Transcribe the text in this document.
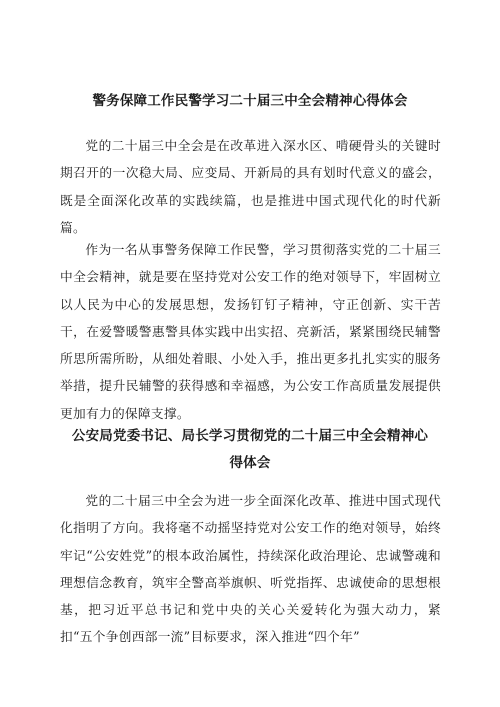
警务保障工作民警学习二十届三中全会精神心得体会

党的二十届三中全会是在改革进入深水区、啃硬骨头的关键时期召开的一次稳大局、应变局、开新局的具有划时代意义的盛会，既是全面深化改革的实践续篇，也是推进中国式现代化的时代新篇。

作为一名从事警务保障工作民警，学习贯彻落实党的二十届三中全会精神，就是要在坚持党对公安工作的绝对领导下，牢固树立以人民为中心的发展思想，发扬钉钉子精神，守正创新、实干苦干，在爱警暖警惠警具体实践中出实招、亮新活，紧紧围绕民辅警所思所需所盼，从细处着眼、小处入手，推出更多扎扎实实的服务举措，提升民辅警的获得感和幸福感，为公安工作高质量发展提供更加有力的保障支撑。

公安局党委书记、局长学习贯彻党的二十届三中全会精神心
得体会

党的二十届三中全会为进一步全面深化改革、推进中国式现代化指明了方向。我将毫不动摇坚持党对公安工作的绝对领导，始终牢记“公安姓党”的根本政治属性，持续深化政治理论、忠诚警魂和理想信念教育，筑牢全警高举旗帜、听党指挥、忠诚使命的思想根基，把习近平总书记和党中央的关心关爱转化为强大动力，紧扣“五个争创西部一流”目标要求，深入推进“四个年”
